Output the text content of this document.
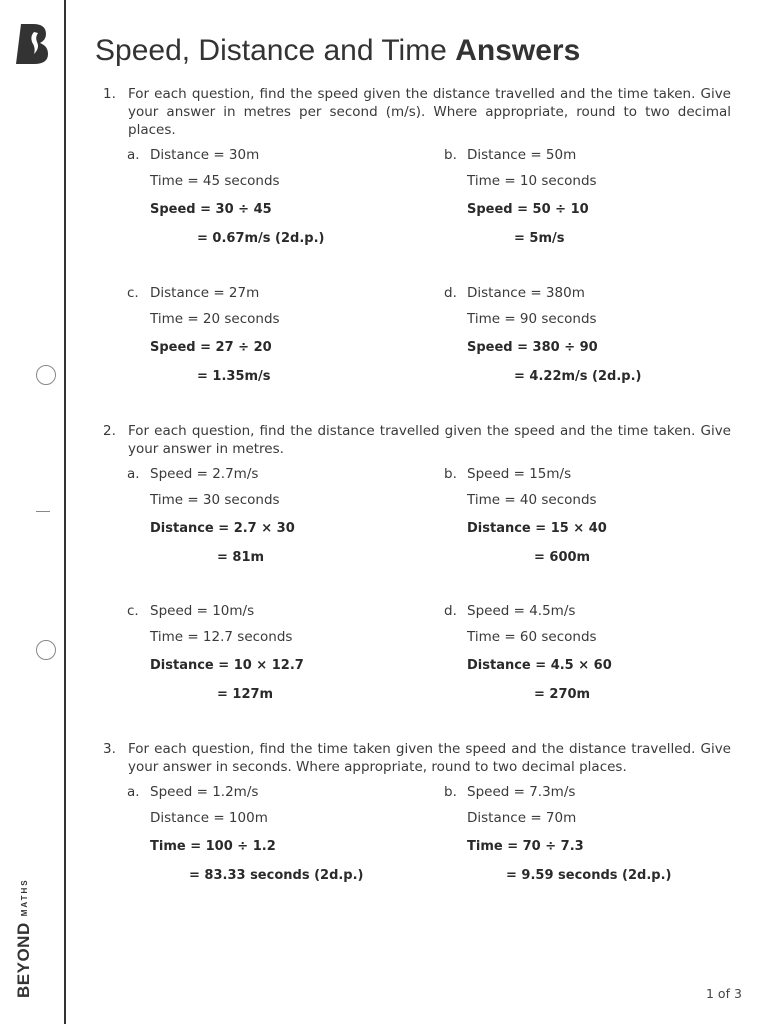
BEYONDMATHS
Speed, Distance and Time Answers
1. For each question, find the speed given the distance travelled and the time taken. Give your answer in metres per second (m/s). Where appropriate, round to two decimal places.
a. Distance = 30m
Time = 45 seconds
Speed = 30 ÷ 45
= 0.67m/s (2d.p.)
b. Distance = 50m
Time = 10 seconds
Speed = 50 ÷ 10
= 5m/s
c. Distance = 27m
Time = 20 seconds
Speed = 27 ÷ 20
= 1.35m/s
d. Distance = 380m
Time = 90 seconds
Speed = 380 ÷ 90
= 4.22m/s (2d.p.)
2. For each question, find the distance travelled given the speed and the time taken. Give your answer in metres.
a. Speed = 2.7m/s
Time = 30 seconds
Distance = 2.7 × 30
= 81m
b. Speed = 15m/s
Time = 40 seconds
Distance = 15 × 40
= 600m
c. Speed = 10m/s
Time = 12.7 seconds
Distance = 10 × 12.7
= 127m
d. Speed = 4.5m/s
Time = 60 seconds
Distance = 4.5 × 60
= 270m
3. For each question, find the time taken given the speed and the distance travelled. Give your answer in seconds. Where appropriate, round to two decimal places.
a. Speed = 1.2m/s
Distance = 100m
Time = 100 ÷ 1.2
= 83.33 seconds (2d.p.)
b. Speed = 7.3m/s
Distance = 70m
Time = 70 ÷ 7.3
= 9.59 seconds (2d.p.)
1 of 3
